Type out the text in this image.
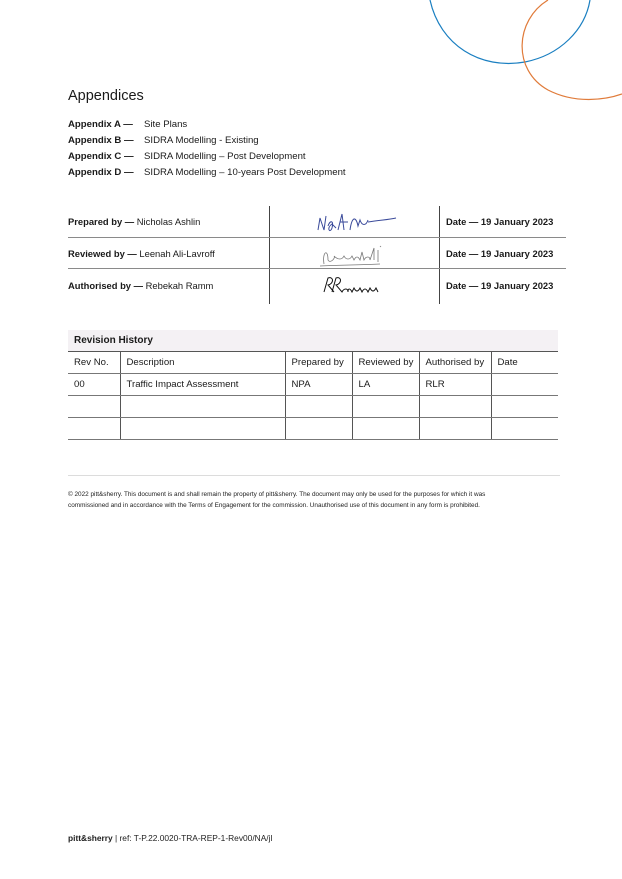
Appendices
Appendix A —	Site Plans
Appendix B —	SIDRA Modelling - Existing
Appendix C —	SIDRA Modelling – Post Development
Appendix D —	SIDRA Modelling – 10-years Post Development
Prepared by — Nicholas Ashlin	Date — 19 January 2023
Reviewed by — Leenah Ali-Lavroff	Date — 19 January 2023
Authorised by — Rebekah Ramm	Date — 19 January 2023
Revision History
Rev No.	Description	Prepared by	Reviewed by	Authorised by	Date
00	Traffic Impact Assessment	NPA	LA	RLR	

© 2022 pitt&sherry. This document is and shall remain the property of pitt&sherry. The document may only be used for the purposes for which it was
commissioned and in accordance with the Terms of Engagement for the commission. Unauthorised use of this document in any form is prohibited.
pitt&sherry | ref: T-P.22.0020-TRA-REP-1-Rev00/NA/jl
